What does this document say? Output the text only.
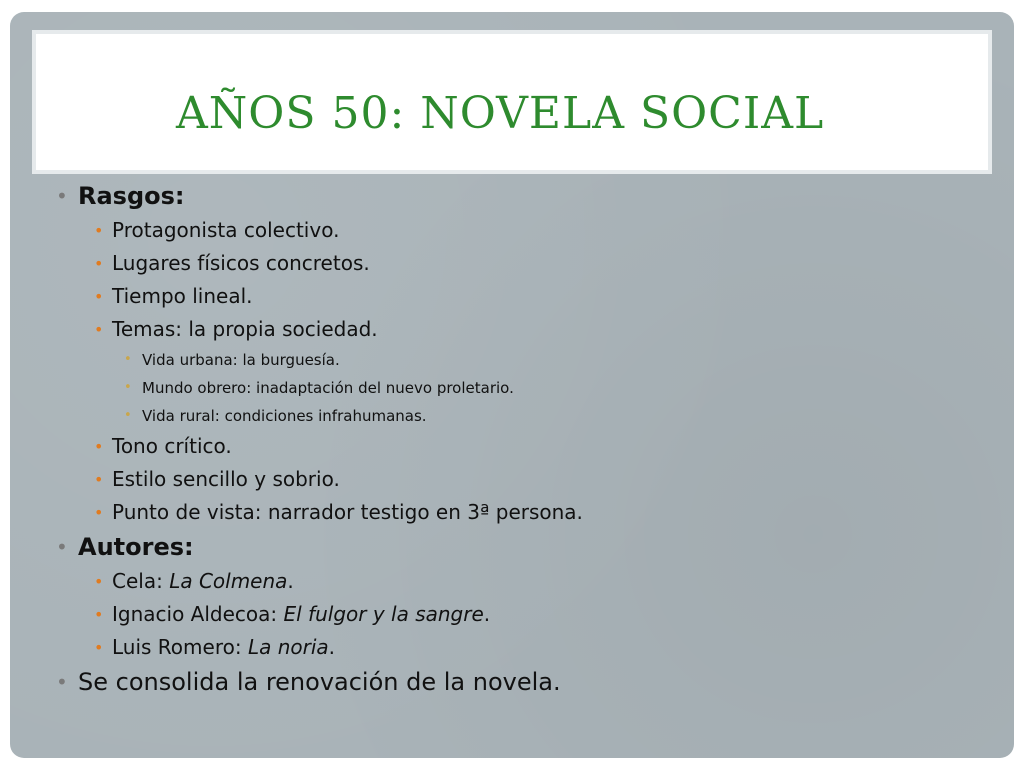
AÑOS 50: NOVELA SOCIAL
• Rasgos:
• Protagonista colectivo.
• Lugares físicos concretos.
• Tiempo lineal.
• Temas: la propia sociedad.
• Vida urbana: la burguesía.
• Mundo obrero: inadaptación del nuevo proletario.
• Vida rural: condiciones infrahumanas.
• Tono crítico.
• Estilo sencillo y sobrio.
• Punto de vista: narrador testigo en 3ª persona.
• Autores:
• Cela: La Colmena.
• Ignacio Aldecoa: El fulgor y la sangre.
• Luis Romero: La noria.
• Se consolida la renovación de la novela.
